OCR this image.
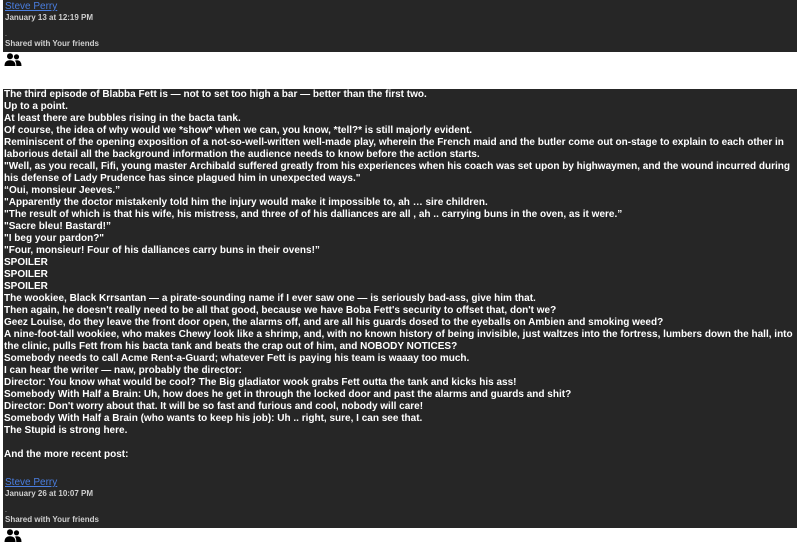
Steve Perry
January 13 at 12:19 PM
.
Shared with Your friends

The third episode of Blabba Fett is — not to set too high a bar — better than the first two.

Up to a point.

At least there are bubbles rising in the bacta tank.

Of course, the idea of why would we *show* when we can, you know, *tell?* is still majorly evident.

Reminiscent of the opening exposition of a not-so-well-written well-made play, wherein the French maid and the butler come out on-stage to explain to each other in laborious detail all the background information the audience needs to know before the action starts.

"Well, as you recall, Fifi, young master Archibald suffered greatly from his experiences when his coach was set upon by highwaymen, and the wound incurred during his defense of Lady Prudence has since plagued him in unexpected ways."

“Oui, monsieur Jeeves.”

"Apparently the doctor mistakenly told him the injury would make it impossible to, ah … sire children.

"The result of which is that his wife, his mistress, and three of of his dalliances are all , ah .. carrying buns in the oven, as it were.”

"Sacre bleu! Bastard!”

"I beg your pardon?"

"Four, monsieur! Four of his dalliances carry buns in their ovens!”

SPOILER

SPOILER

SPOILER

The wookiee, Black Krrsantan — a pirate-sounding name if I ever saw one — is seriously bad-ass, give him that.

Then again, he doesn't really need to be all that good, because we have Boba Fett's security to offset that, don't we?

Geez Louise, do they leave the front door open, the alarms off, and are all his guards dosed to the eyeballs on Ambien and smoking weed?

A nine-foot-tall wookiee, who makes Chewy look like a shrimp, and, with no known history of being invisible, just waltzes into the fortress, lumbers down the hall, into the clinic, pulls Fett from his bacta tank and beats the crap out of him, and NOBODY NOTICES?

Somebody needs to call Acme Rent-a-Guard; whatever Fett is paying his team is waaay too much.

I can hear the writer — naw, probably the director:

Director: You know what would be cool? The Big gladiator wook grabs Fett outta the tank and kicks his ass!

Somebody With Half a Brain: Uh, how does he get in through the locked door and past the alarms and guards and shit?

Director: Don't worry about that. It will be so fast and furious and cool, nobody will care!

Somebody With Half a Brain (who wants to keep his job): Uh .. right, sure, I can see that.

The Stupid is strong here.

And the more recent post:

Steve Perry
January 26 at 10:07 PM
.
Shared with Your friends
